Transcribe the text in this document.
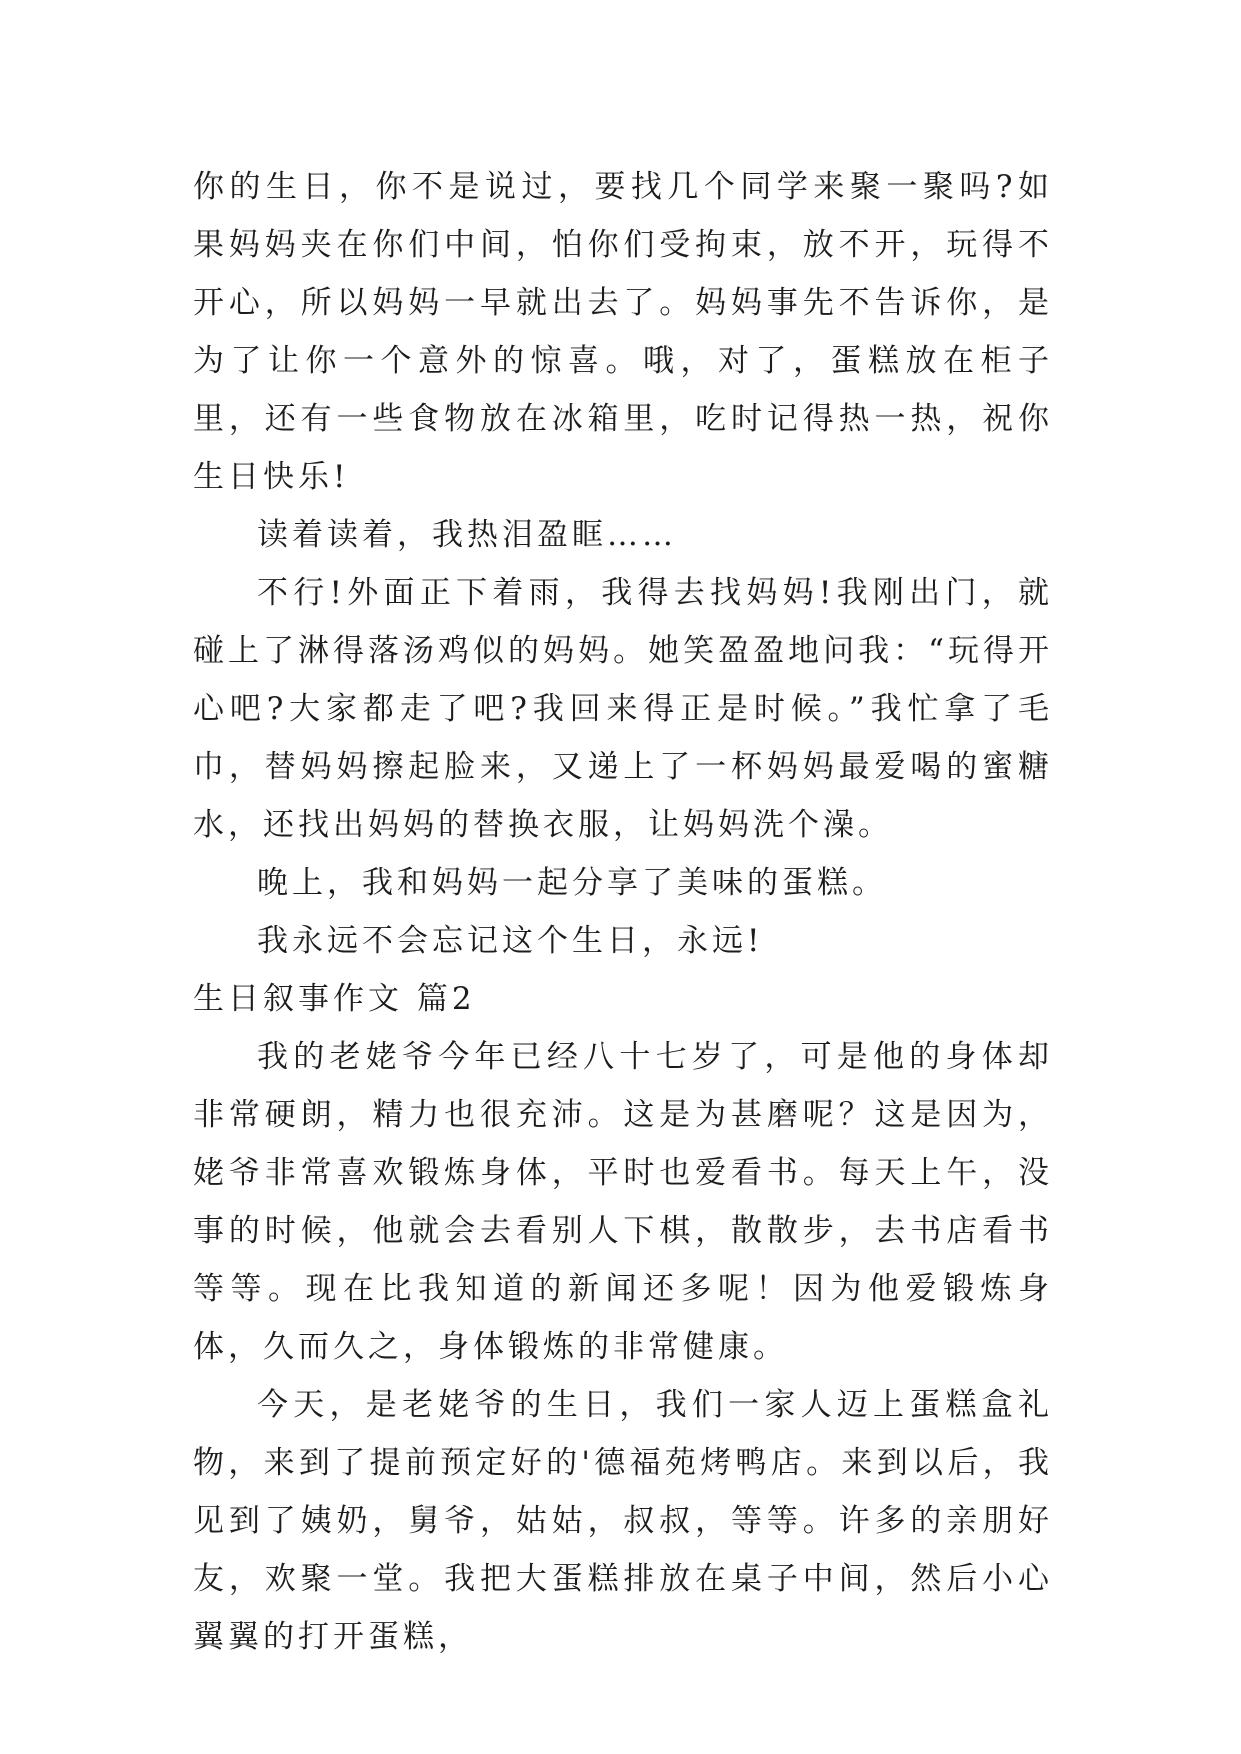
你的生日，你不是说过，要找几个同学来聚一聚吗?如果妈妈夹在你们中间，怕你们受拘束，放不开，玩得不开心，所以妈妈一早就出去了。妈妈事先不告诉你，是为了让你一个意外的惊喜。哦，对了，蛋糕放在柜子里，还有一些食物放在冰箱里，吃时记得热一热，祝你生日快乐!

读着读着，我热泪盈眶……

不行!外面正下着雨，我得去找妈妈!我刚出门，就碰上了淋得落汤鸡似的妈妈。她笑盈盈地问我：“玩得开心吧?大家都走了吧?我回来得正是时候。”我忙拿了毛巾，替妈妈擦起脸来，又递上了一杯妈妈最爱喝的蜜糖水，还找出妈妈的替换衣服，让妈妈洗个澡。

晚上，我和妈妈一起分享了美味的蛋糕。

我永远不会忘记这个生日，永远!

生日叙事作文 篇2

我的老姥爷今年已经八十七岁了，可是他的身体却非常硬朗，精力也很充沛。这是为甚磨呢？这是因为，姥爷非常喜欢锻炼身体，平时也爱看书。每天上午，没事的时候，他就会去看别人下棋，散散步，去书店看书等等。现在比我知道的新闻还多呢！因为他爱锻炼身体，久而久之，身体锻炼的非常健康。

今天，是老姥爷的生日，我们一家人迈上蛋糕盒礼物，来到了提前预定好的'德福苑烤鸭店。来到以后，我见到了姨奶，舅爷，姑姑，叔叔，等等。许多的亲朋好友，欢聚一堂。我把大蛋糕排放在桌子中间，然后小心翼翼的打开蛋糕，
